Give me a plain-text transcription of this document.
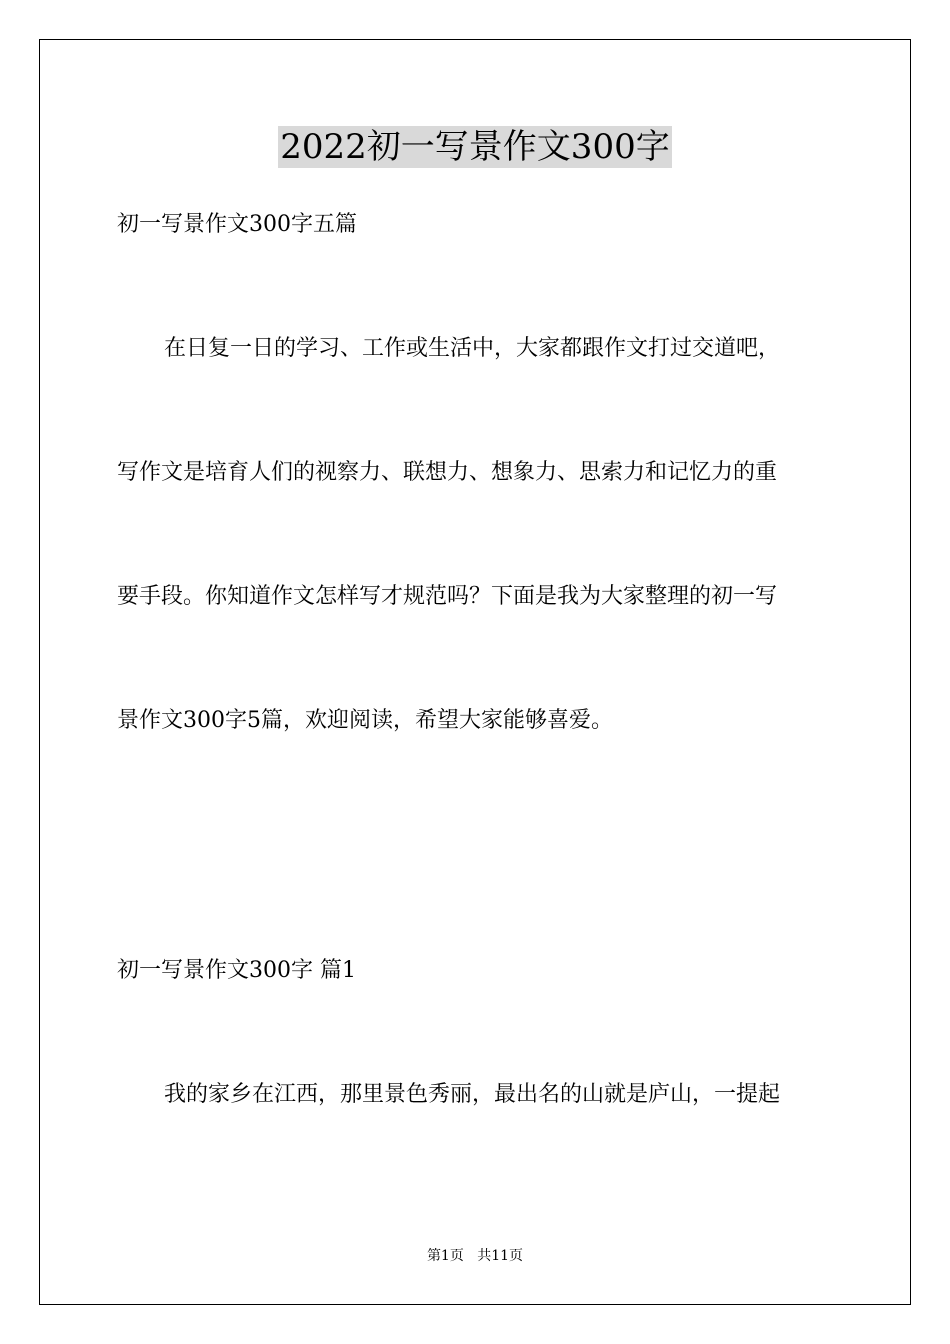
2022初一写景作文300字
初一写景作文300字五篇
在日复一日的学习、工作或生活中，大家都跟作文打过交道吧，
写作文是培育人们的视察力、联想力、想象力、思索力和记忆力的重
要手段。你知道作文怎样写才规范吗？下面是我为大家整理的初一写
景作文300字5篇，欢迎阅读，希望大家能够喜爱。
初一写景作文300字 篇1
我的家乡在江西，那里景色秀丽，最出名的山就是庐山，一提起
第1页 共11页
